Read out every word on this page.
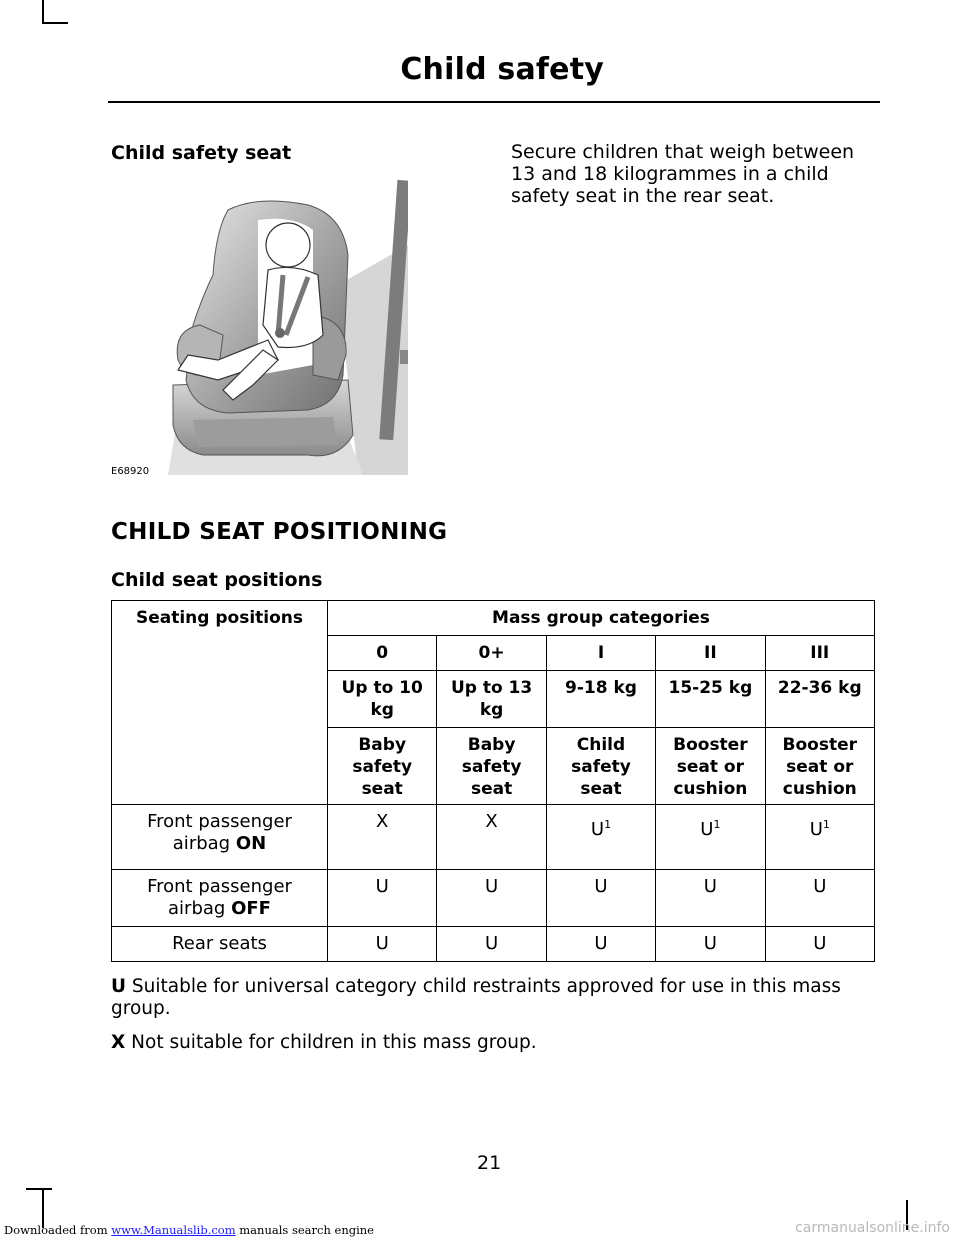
Child safety
Child safety seat	Secure children that weigh between 13 and 18 kilogrammes in a child safety seat in the rear seat.
E68920
CHILD SEAT POSITIONING
Child seat positions
Seating positions	Mass group categories				
	0	0+	I	II	III
	Up to 10 kg	Up to 13 kg	9-18 kg	15-25 kg	22-36 kg
	Baby safety seat	Baby safety seat	Child safety seat	Booster seat or cushion	Booster seat or cushion
Front passenger airbag ON	X	X	$U^1$	$U^1$	$U^1$
Front passenger airbag OFF	U	U	U	U	U
Rear seats	U	U	U	U	U
U Suitable for universal category child restraints approved for use in this mass group.
X Not suitable for children in this mass group.
21
Downloaded from www.Manualslib.com manuals search engine	carmanualsonline.info
